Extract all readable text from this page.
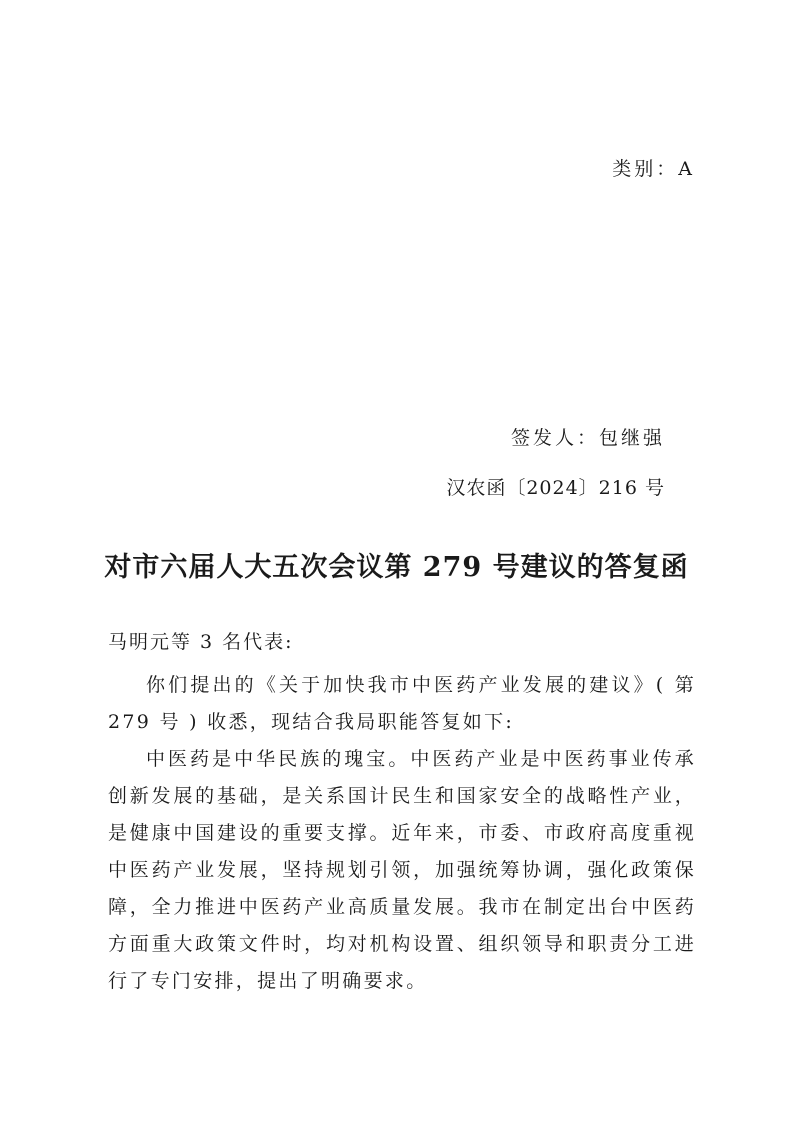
类别：A
签发人：包继强
汉农函〔2024〕216 号
对市六届人大五次会议第 279 号建议的答复函
马明元等 3 名代表:

你们提出的《关于加快我市中医药产业发展的建议》( 第 279 号 ) 收悉，现结合我局职能答复如下:

中医药是中华民族的瑰宝。中医药产业是中医药事业传承创新发展的基础，是关系国计民生和国家安全的战略性产业，是健康中国建设的重要支撑。近年来，市委、市政府高度重视中医药产业发展，坚持规划引领，加强统筹协调，强化政策保障，全力推进中医药产业高质量发展。我市在制定出台中医药方面重大政策文件时，均对机构设置、组织领导和职责分工进行了专门安排，提出了明确要求。
